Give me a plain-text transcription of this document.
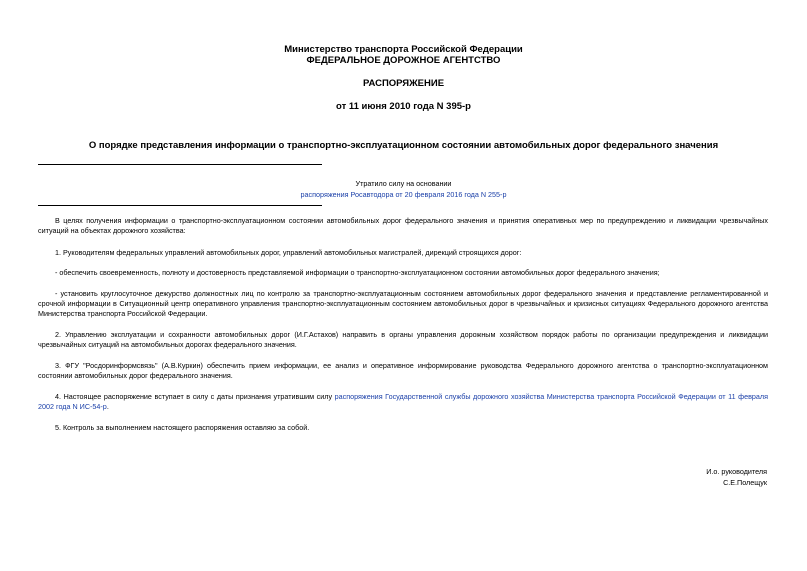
Министерство транспорта Российской Федерации
ФЕДЕРАЛЬНОЕ ДОРОЖНОЕ АГЕНТСТВО
РАСПОРЯЖЕНИЕ
от 11 июня 2010 года N 395-р
О порядке представления информации о транспортно-эксплуатационном состоянии автомобильных дорог федерального значения
Утратило силу на основании
распоряжения Росавтодора от 20 февраля 2016 года N 255-р
В целях получения информации о транспортно-эксплуатационном состоянии автомобильных дорог федерального значения и принятия оперативных мер по предупреждению и ликвидации чрезвычайных ситуаций на объектах дорожного хозяйства:
1. Руководителям федеральных управлений автомобильных дорог, управлений автомобильных магистралей, дирекций строящихся дорог:
- обеспечить своевременность, полноту и достоверность представляемой информации о транспортно-эксплуатационном состоянии автомобильных дорог федерального значения;
- установить круглосуточное дежурство должностных лиц по контролю за транспортно-эксплуатационным состоянием автомобильных дорог федерального значения и представление регламентированной и срочной информации в Ситуационный центр оперативного управления транспортно-эксплуатационным состоянием автомобильных дорог в чрезвычайных и кризисных ситуациях Федерального дорожного агентства Министерства транспорта Российской Федерации.
2. Управлению эксплуатации и сохранности автомобильных дорог (И.Г.Астахов) направить в органы управления дорожным хозяйством порядок работы по организации предупреждения и ликвидации чрезвычайных ситуаций на автомобильных дорогах федерального значения.
3. ФГУ "Росдоринформсвязь" (А.В.Куркин) обеспечить прием информации, ее анализ и оперативное информирование руководства Федерального дорожного агентства о транспортно-эксплуатационном состоянии автомобильных дорог федерального значения.
4. Настоящее распоряжение вступает в силу с даты признания утратившим силу распоряжения Государственной службы дорожного хозяйства Министерства транспорта Российской Федерации от 11 февраля 2002 года N ИС-54-р.
5. Контроль за выполнением настоящего распоряжения оставляю за собой.
И.о. руководителя
С.Е.Полещук
